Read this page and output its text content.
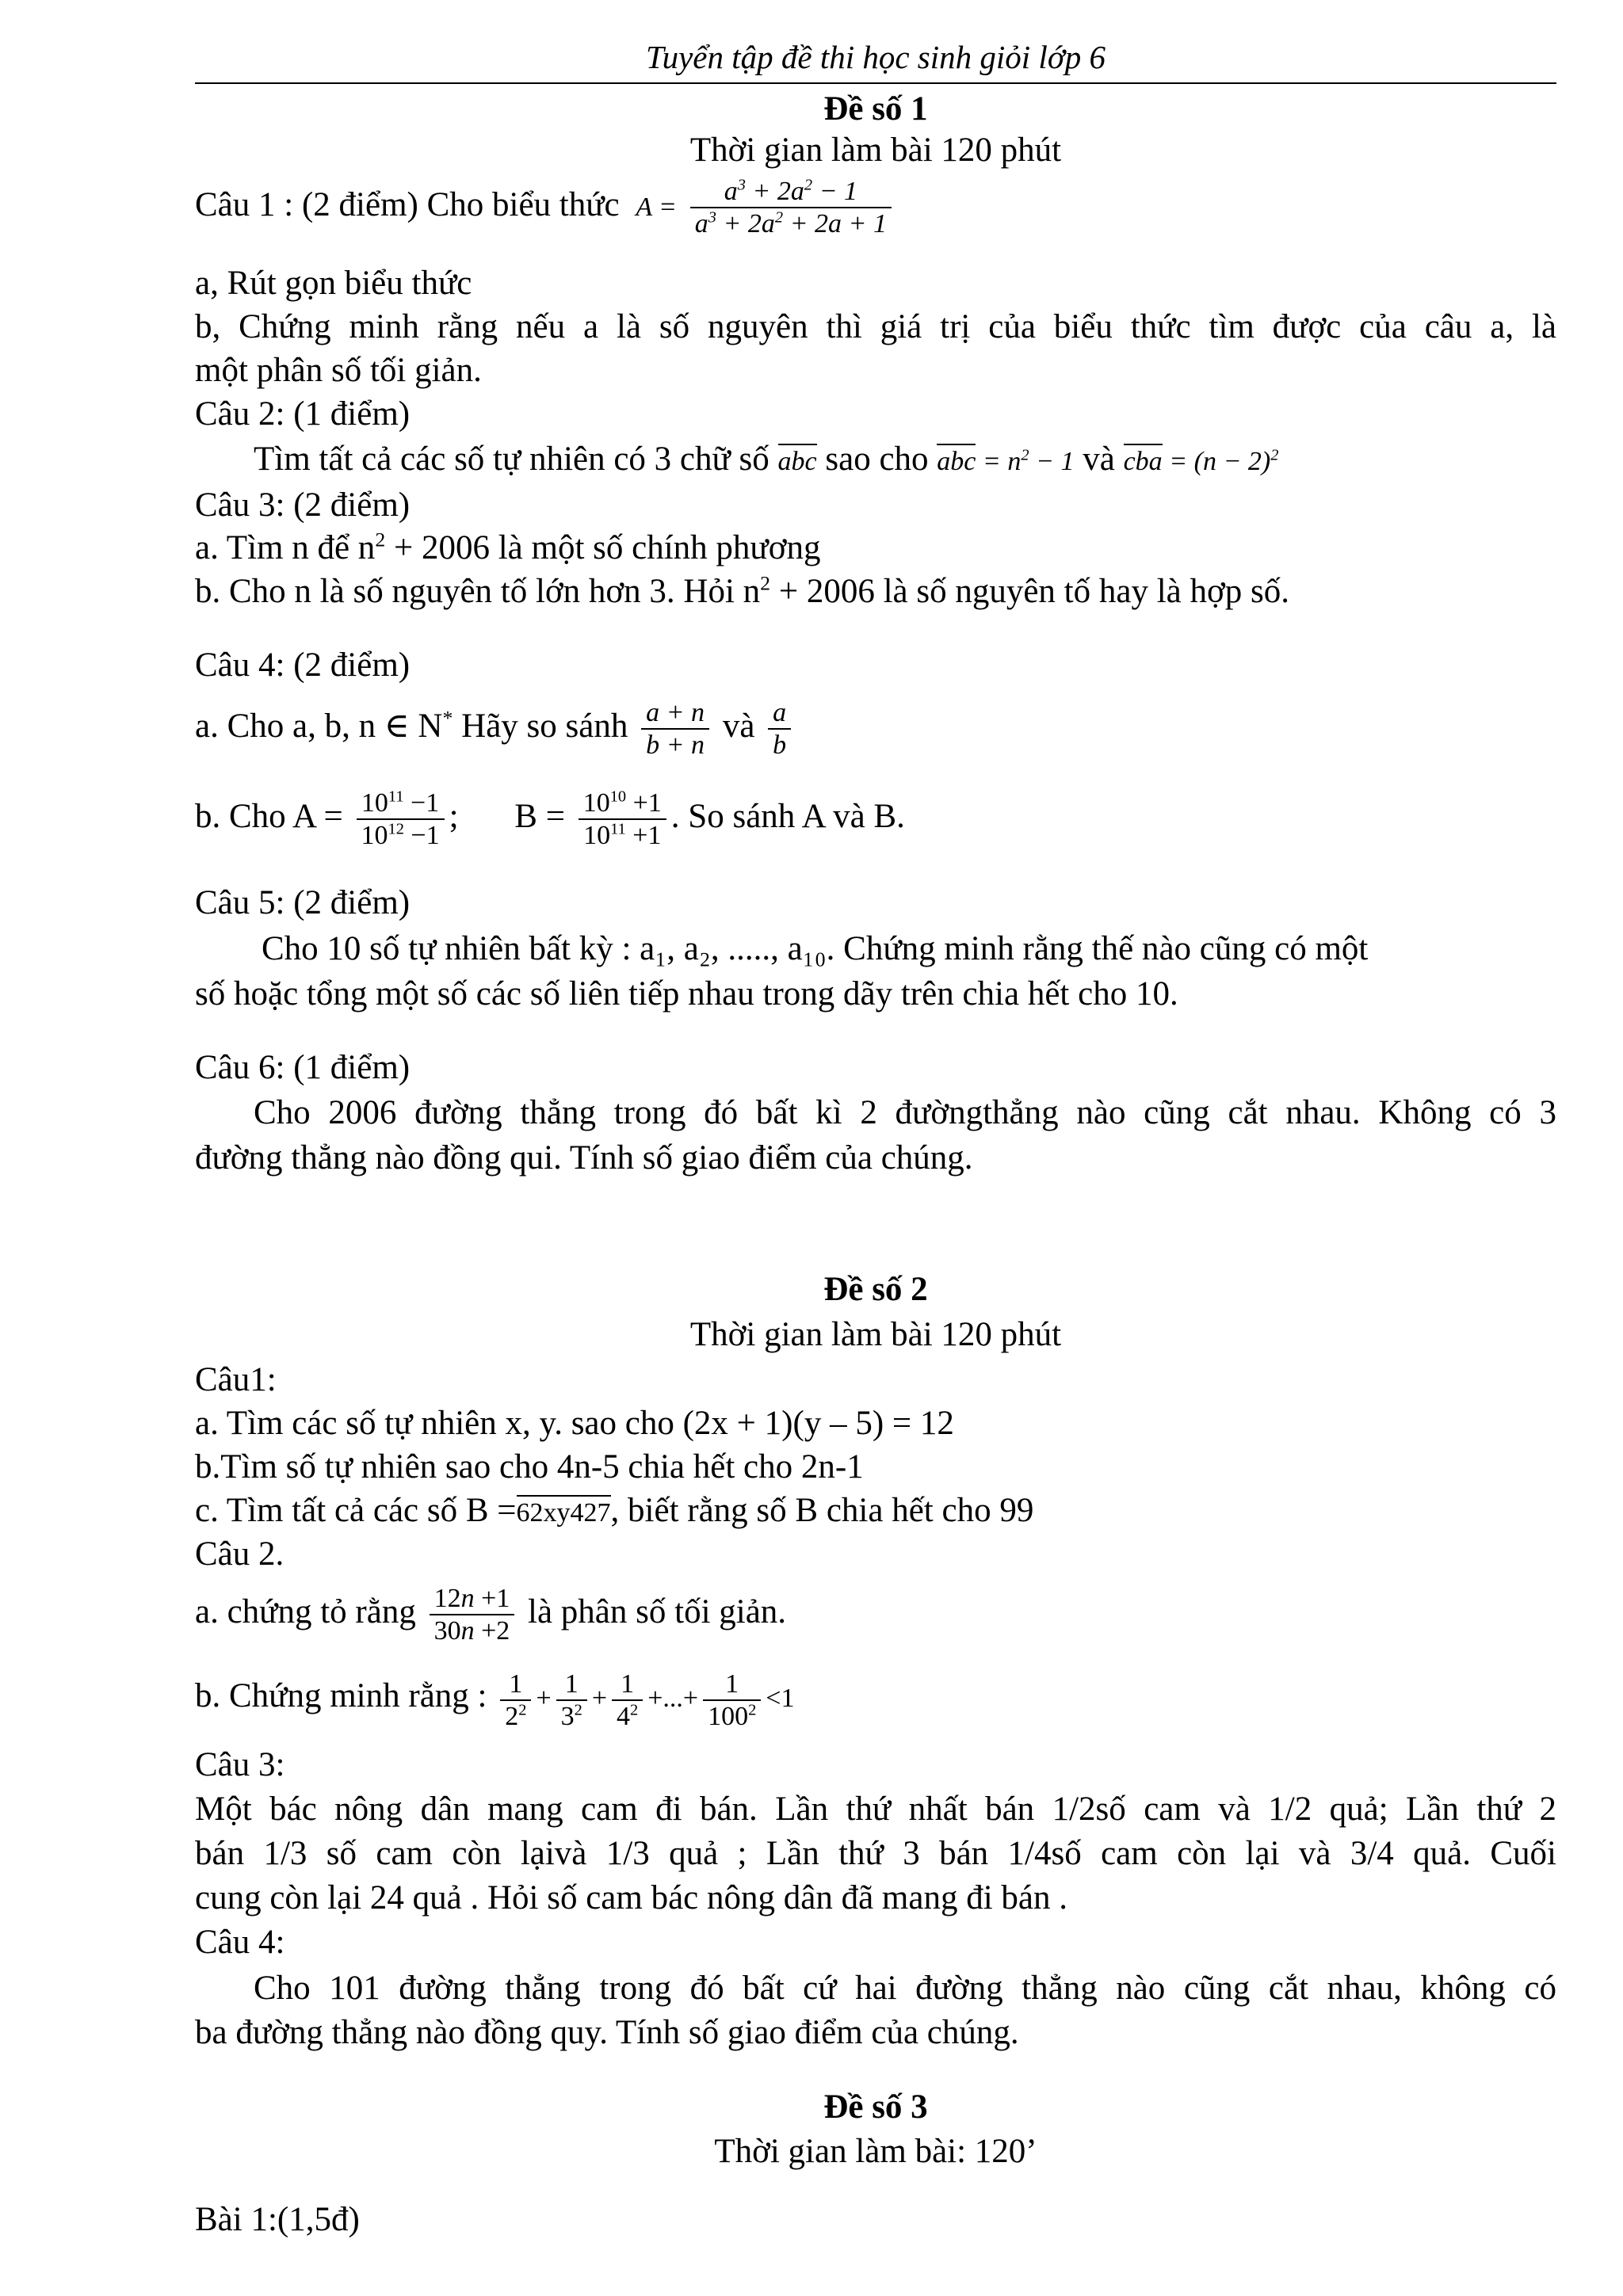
Tuyển tập đề thi học sinh giỏi lớp 6
Đề số 1
Thời gian làm bài 120 phút
Câu 1 : (2 điểm) Cho biểu thức $A = \frac{a^3 + 2a^2 - 1}{a^3 + 2a^2 + 2a + 1}$
a, Rút gọn biểu thức
b, Chứng minh rằng nếu a là số nguyên thì giá trị của biểu thức tìm được của câu a, là
một phân số tối giản.
Câu 2: (1 điểm)
Tìm tất cả các số tự nhiên có 3 chữ số abc sao cho abc = $n^2 - 1$ và cba = $(n - 2)^2$
Câu 3: (2 điểm)
a. Tìm n để $n^2 + 2006$ là một số chính phương
b. Cho n là số nguyên tố lớn hơn 3. Hỏi $n^2 + 2006$ là số nguyên tố hay là hợp số.
Câu 4: (2 điểm)
a. Cho a, b, n ∈ N* Hãy so sánh $\frac{a + n}{b + n}$ và $\frac{a}{b}$
b. Cho $A = \frac{10^{11} -1}{10^{12} -1}$ ; $B = \frac{10^{10} +1}{10^{11} +1}$ . So sánh A và B.
Câu 5: (2 điểm)
Cho 10 số tự nhiên bất kỳ : a₁, a₂, ....., a₁₀. Chứng minh rằng thế nào cũng có một
số hoặc tổng một số các số liên tiếp nhau trong dãy trên chia hết cho 10.
Câu 6: (1 điểm)
Cho 2006 đường thẳng trong đó bất kì 2 đườngthẳng nào cũng cắt nhau. Không có 3
đường thẳng nào đồng qui. Tính số giao điểm của chúng.
Đề số 2
Thời gian làm bài 120 phút
Câu1:
a. Tìm các số tự nhiên x, y. sao cho (2x + 1)(y – 5) = 12
b.Tìm số tự nhiên sao cho 4n-5 chia hết cho 2n-1
c. Tìm tất cả các số B =62xy427, biết rằng số B chia hết cho 99
Câu 2.
a. chứng tỏ rằng $\frac{12n +1}{30n +2}$ là phân số tối giản.
b. Chứng minh rằng : $\frac{1}{2^2} + \frac{1}{3^2} + \frac{1}{4^2}$ +...+ $\frac{1}{100^2} <1$
Câu 3:
Một bác nông dân mang cam đi bán. Lần thứ nhất bán 1/2số cam và 1/2 quả; Lần thứ 2
bán 1/3 số cam còn lạivà 1/3 quả ; Lần thứ 3 bán 1/4số cam còn lại và 3/4 quả. Cuối
cung còn lại 24 quả . Hỏi số cam bác nông dân đã mang đi bán .
Câu 4:
Cho 101 đường thẳng trong đó bất cứ hai đường thẳng nào cũng cắt nhau, không có
ba đường thẳng nào đồng quy. Tính số giao điểm của chúng.
Đề số 3
Thời gian làm bài: 120’
Bài 1:(1,5đ)
